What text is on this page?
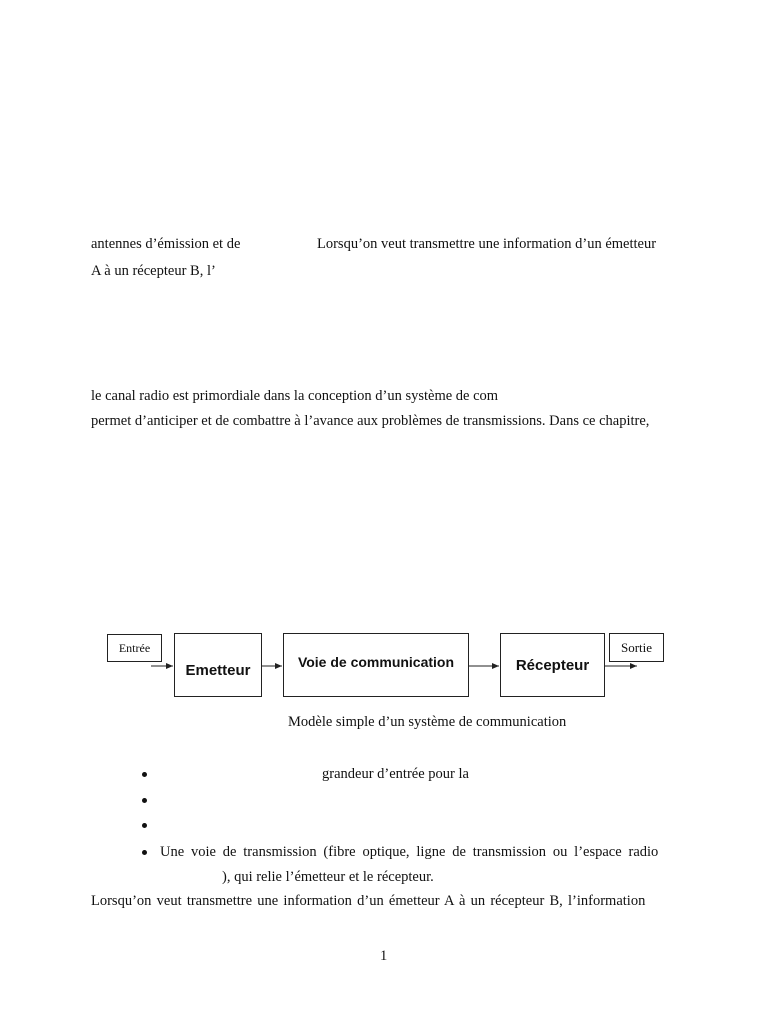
antennes d’émission et de	Lorsqu’on veut transmettre une information d’un émetteur
A à un récepteur B, l’
le canal radio est primordiale dans la conception d’un système de com
permet d’anticiper et de combattre à l’avance aux problèmes de transmissions. Dans ce chapitre,
Entrée
Emetteur	Voie de communication	Récepteur
Sortie
Modèle simple d’un système de communication
grandeur d’entrée pour la
Une voie de transmission (fibre optique, ligne de transmission ou l’espace radio
), qui relie l’émetteur et le récepteur.
Lorsqu’on veut transmettre une information d’un émetteur A à un récepteur B, l’information
1
